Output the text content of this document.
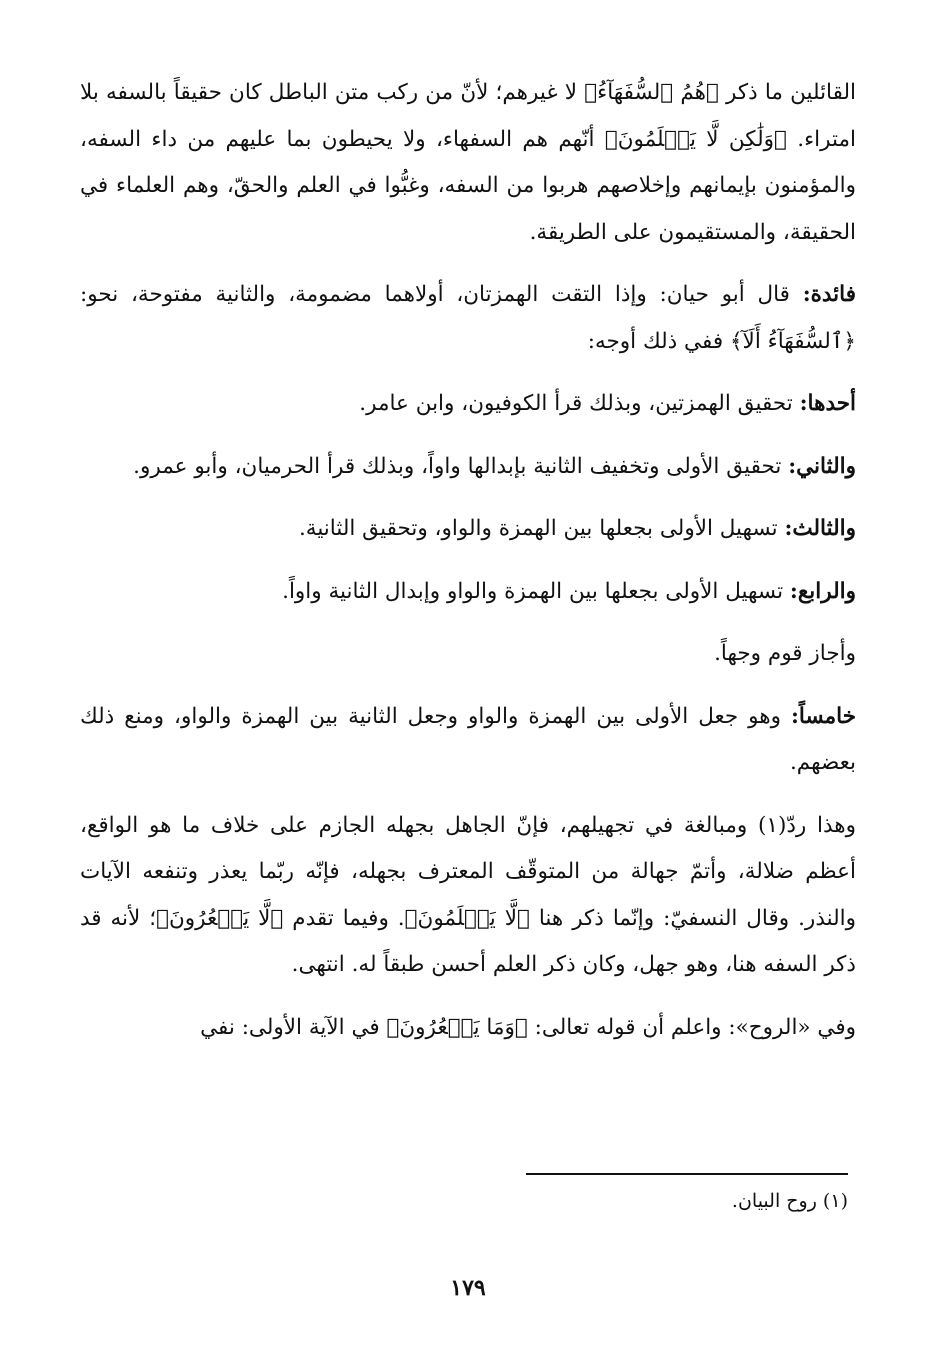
القائلين ما ذكر ﴿هُمُ ٱلسُّفَهَآءُ﴾ لا غيرهم؛ لأنّ من ركب متن الباطل كان حقيقاً بالسفه بلا امتراء. ﴿وَلَٰكِن لَّا يَعۡلَمُونَ﴾ أنّهم هم السفهاء، ولا يحيطون بما عليهم من داء السفه، والمؤمنون بإيمانهم وإخلاصهم هربوا من السفه، وغبُّوا في العلم والحقّ، وهم العلماء في الحقيقة، والمستقيمون على الطريقة.

فائدة: قال أبو حيان: وإذا التقت الهمزتان، أولاهما مضمومة، والثانية مفتوحة، نحو: ﴿ٱلسُّفَهَآءُ أَلَآ﴾ ففي ذلك أوجه:

أحدها: تحقيق الهمزتين، وبذلك قرأ الكوفيون، وابن عامر.

والثاني: تحقيق الأولى وتخفيف الثانية بإبدالها واواً، وبذلك قرأ الحرميان، وأبو عمرو.

والثالث: تسهيل الأولى بجعلها بين الهمزة والواو، وتحقيق الثانية.

والرابع: تسهيل الأولى بجعلها بين الهمزة والواو وإبدال الثانية واواً.

وأجاز قوم وجهاً.

خامساً: وهو جعل الأولى بين الهمزة والواو وجعل الثانية بين الهمزة والواو، ومنع ذلك بعضهم.

وهذا ردّ(١) ومبالغة في تجهيلهم، فإنّ الجاهل بجهله الجازم على خلاف ما هو الواقع، أعظم ضلالة، وأتمّ جهالة من المتوقّف المعترف بجهله، فإنّه ربّما يعذر وتنفعه الآيات والنذر. وقال النسفيّ: وإنّما ذكر هنا ﴿لَّا يَعۡلَمُونَ﴾. وفيما تقدم ﴿لَّا يَشۡعُرُونَ﴾؛ لأنه قد ذكر السفه هنا، وهو جهل، وكان ذكر العلم أحسن طبقاً له. انتهى.

وفي «الروح»: واعلم أن قوله تعالى: ﴿وَمَا يَشۡعُرُونَ﴾ في الآية الأولى: نفي

(١) روح البيان.
١٧٩
